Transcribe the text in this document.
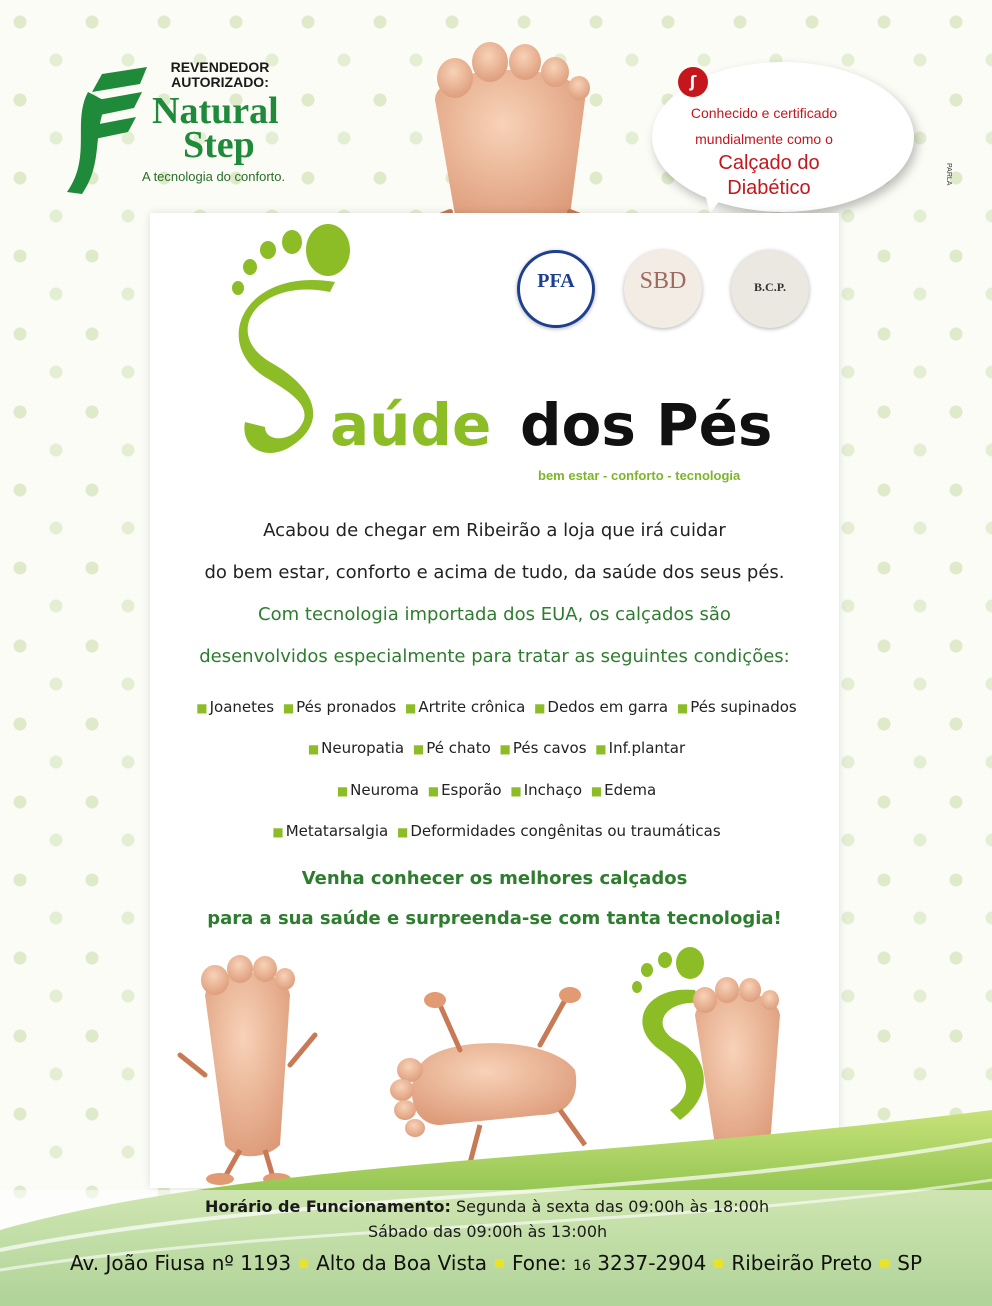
REVENDEDOR
AUTORIZADO:
Natural
Step
A tecnologia do conforto.
ʃ
Conhecido e certificado
mundialmente como o
Calçado do
Diabético
PARLA
PFA	SBD	B.C.P.
aúde dos Pés
bem estar - conforto - tecnologia
Acabou de chegar em Ribeirão a loja que irá cuidar
do bem estar, conforto e acima de tudo, da saúde dos seus pés.
Com tecnologia importada dos EUA, os calçados são
desenvolvidos especialmente para tratar as seguintes condições:
■ Joanetes ■ Pés pronados ■ Artrite crônica ■ Dedos em garra ■ Pés supinados
■ Neuropatia ■ Pé chato ■ Pés cavos ■ Inf.plantar
■ Neuroma ■ Esporão ■ Inchaço ■ Edema
■ Metatarsalgia ■ Deformidades congênitas ou traumáticas
Venha conhecer os melhores calçados
para a sua saúde e surpreenda-se com tanta tecnologia!
Horário de Funcionamento: Segunda à sexta das 09:00h às 18:00h
Sábado das 09:00h às 13:00h
Av. João Fiusa nº 1193 Alto da Boa Vista Fone: 16 3237-2904 Ribeirão Preto SP
